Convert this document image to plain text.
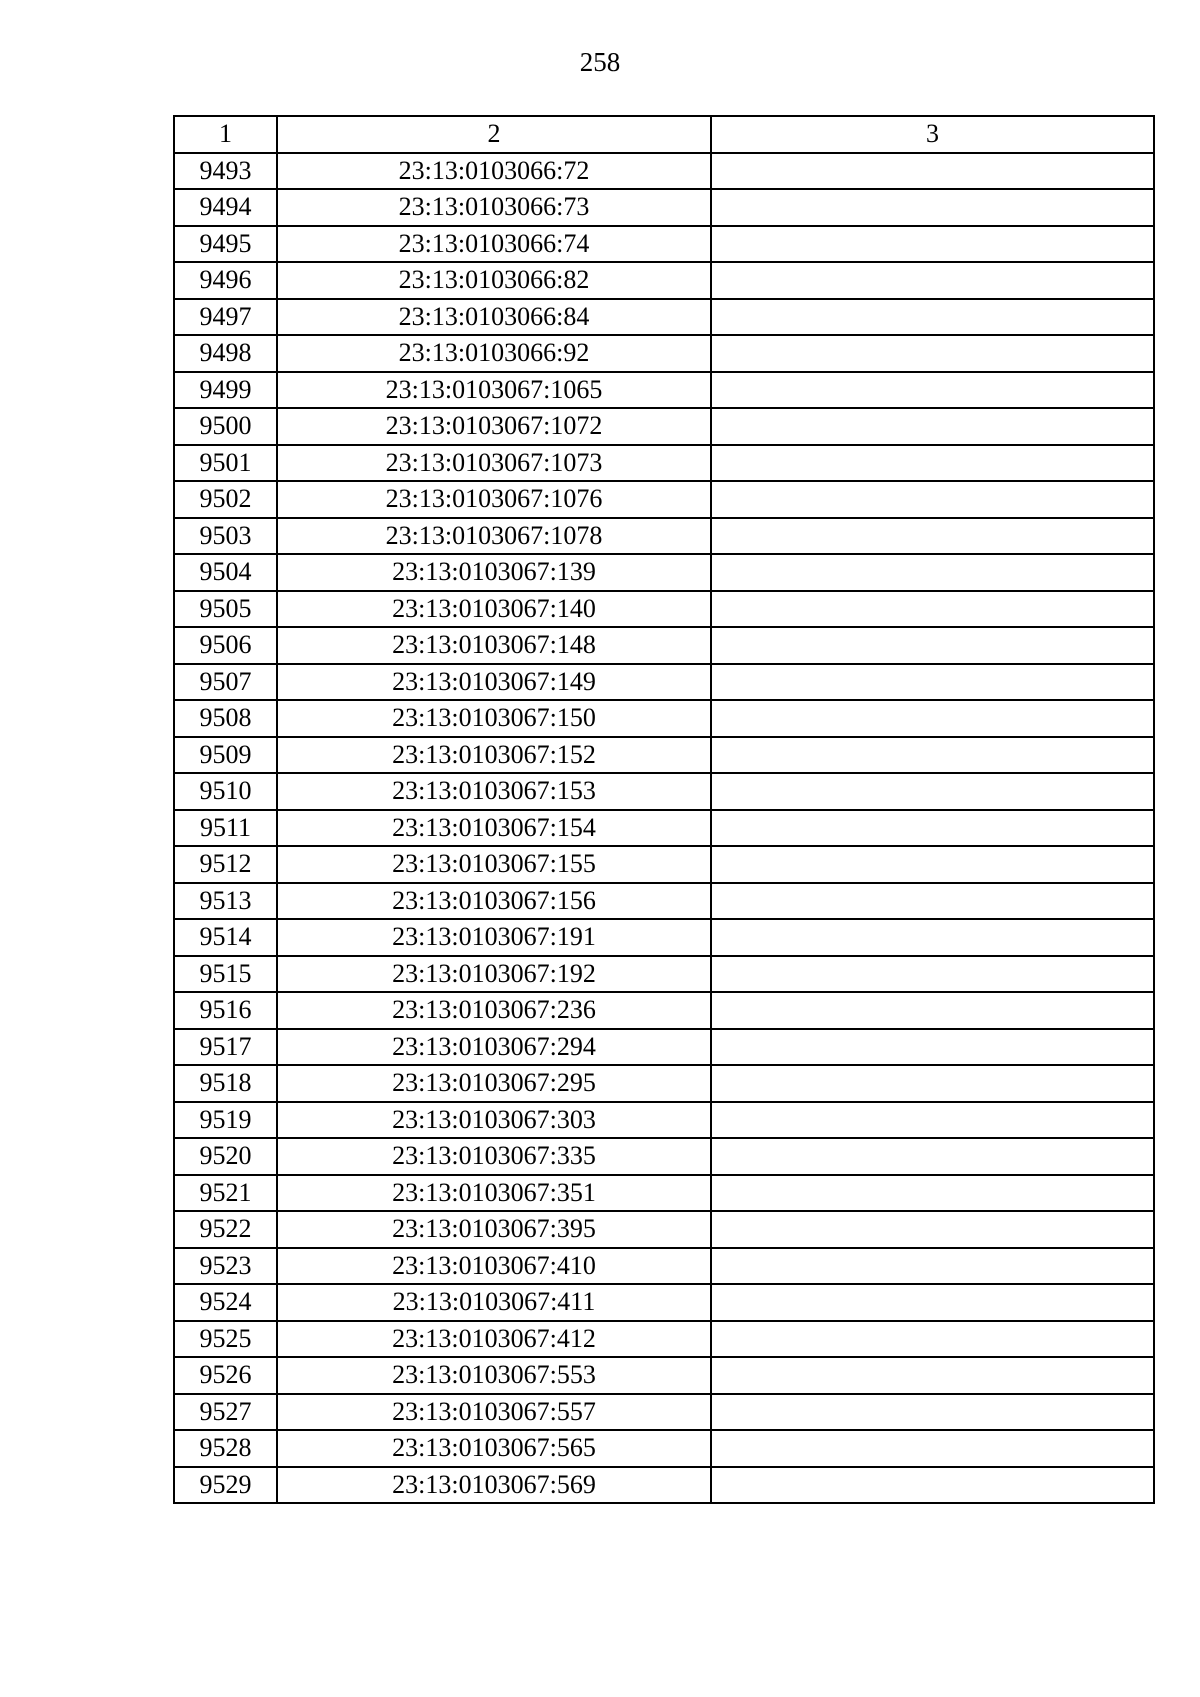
258
1	2	3
9493	23:13:0103066:72	
9494	23:13:0103066:73	
9495	23:13:0103066:74	
9496	23:13:0103066:82	
9497	23:13:0103066:84	
9498	23:13:0103066:92	
9499	23:13:0103067:1065	
9500	23:13:0103067:1072	
9501	23:13:0103067:1073	
9502	23:13:0103067:1076	
9503	23:13:0103067:1078	
9504	23:13:0103067:139	
9505	23:13:0103067:140	
9506	23:13:0103067:148	
9507	23:13:0103067:149	
9508	23:13:0103067:150	
9509	23:13:0103067:152	
9510	23:13:0103067:153	
9511	23:13:0103067:154	
9512	23:13:0103067:155	
9513	23:13:0103067:156	
9514	23:13:0103067:191	
9515	23:13:0103067:192	
9516	23:13:0103067:236	
9517	23:13:0103067:294	
9518	23:13:0103067:295	
9519	23:13:0103067:303	
9520	23:13:0103067:335	
9521	23:13:0103067:351	
9522	23:13:0103067:395	
9523	23:13:0103067:410	
9524	23:13:0103067:411	
9525	23:13:0103067:412	
9526	23:13:0103067:553	
9527	23:13:0103067:557	
9528	23:13:0103067:565	
9529	23:13:0103067:569	
